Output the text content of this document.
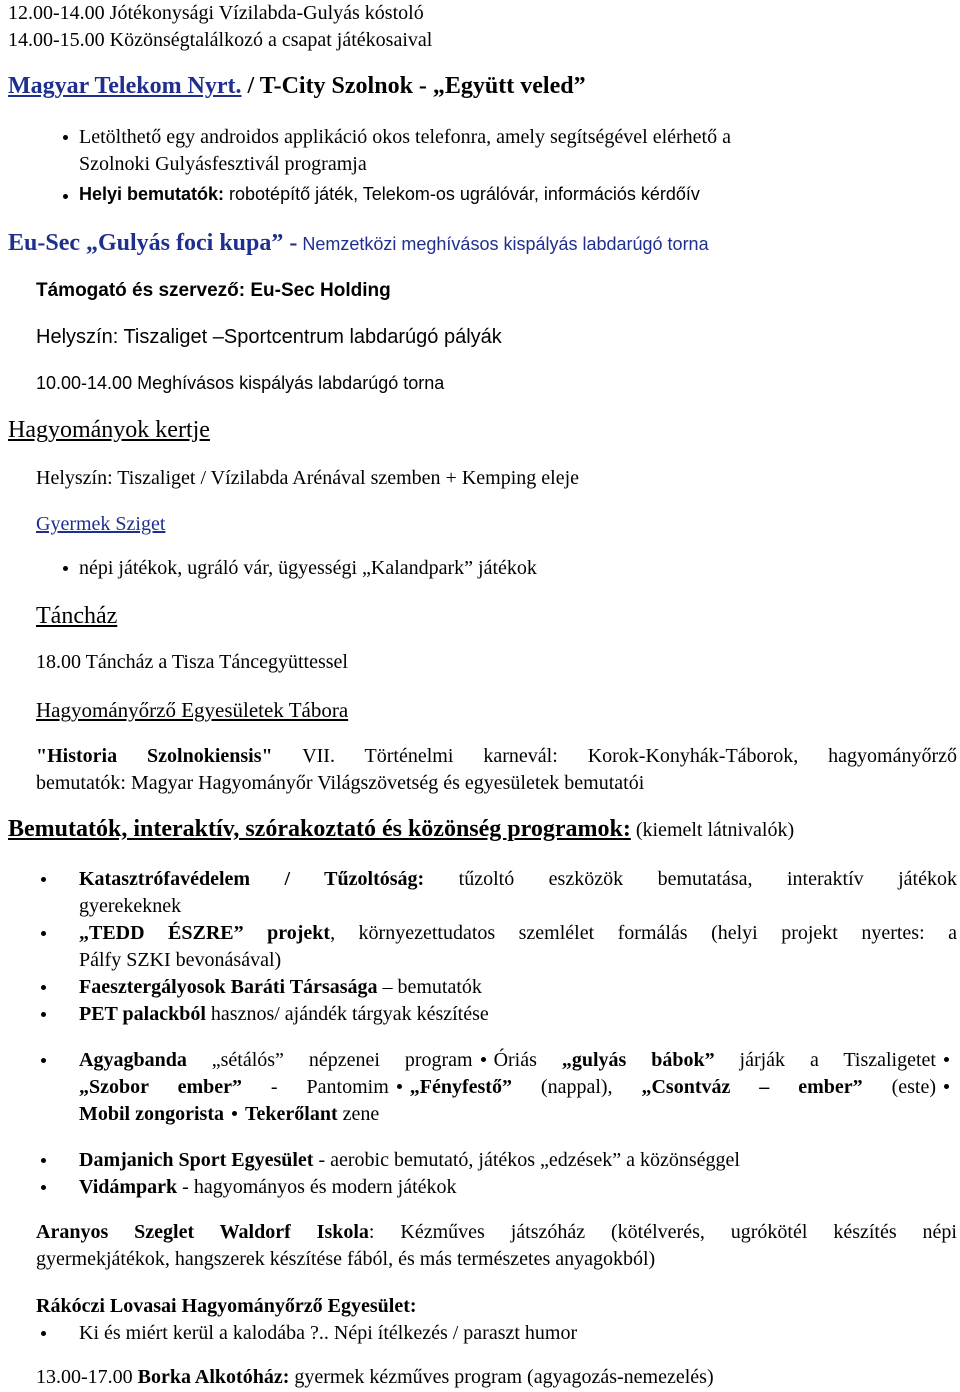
12.00-14.00 Jótékonysági Vízilabda-Gulyás kóstoló
14.00-15.00 Közönségtalálkozó a csapat játékosaival
Magyar Telekom Nyrt. / T-City Szolnok - „Együtt veled”
Letölthető egy androidos applikáció okos telefonra, amely segítségével elérhető a
Szolnoki Gulyásfesztivál programja
Helyi bemutatók: robotépítő játék, Telekom-os ugrálóvár, információs kérdőív
Eu-Sec „Gulyás foci kupa” - Nemzetközi meghívásos kispályás labdarúgó torna
Támogató és szervező: Eu-Sec Holding
Helyszín: Tiszaliget –Sportcentrum labdarúgó pályák
10.00-14.00 Meghívásos kispályás labdarúgó torna
Hagyományok kertje
Helyszín: Tiszaliget / Vízilabda Arénával szemben + Kemping eleje
Gyermek Sziget
népi játékok, ugráló vár, ügyességi „Kalandpark” játékok
Táncház
18.00 Táncház a Tisza Táncegyüttessel
Hagyományőrző Egyesületek Tábora
"Historia Szolnokiensis" VII. Történelmi karnevál: Korok-Konyhák-Táborok, hagyományőrző
bemutatók: Magyar Hagyományőr Világszövetség és egyesületek bemutatói
Bemutatók, interaktív, szórakoztató és közönség programok: (kiemelt látnivalók)
Katasztrófavédelem / Tűzoltóság: tűzoltó eszközök bemutatása, interaktív játékok
gyerekeknek
„TEDD ÉSZRE” projekt, környezettudatos szemlélet formálás (helyi projekt nyertes: a
Pálfy SZKI bevonásával)
Faesztergályosok Baráti Társasága – bemutatók
PET palackból hasznos/ ajándék tárgyak készítése
Agyagbanda „sétálós” népzenei program Óriás „gulyás bábok” járják a Tiszaligetet
„Szobor ember” - Pantomim „Fényfestő” (nappal), „Csontváz – ember” (este)
Mobil zongorista Tekerőlant zene
Damjanich Sport Egyesület - aerobic bemutató, játékos „edzések” a közönséggel
Vidámpark - hagyományos és modern játékok
Aranyos Szeglet Waldorf Iskola: Kézműves játszóház (kötélverés, ugrókötél készítés népi
gyermekjátékok, hangszerek készítése fából, és más természetes anyagokból)
Rákóczi Lovasai Hagyományőrző Egyesület:
Ki és miért kerül a kalodába ?.. Népi ítélkezés / paraszt humor
13.00-17.00 Borka Alkotóház: gyermek kézműves program (agyagozás-nemezelés)
